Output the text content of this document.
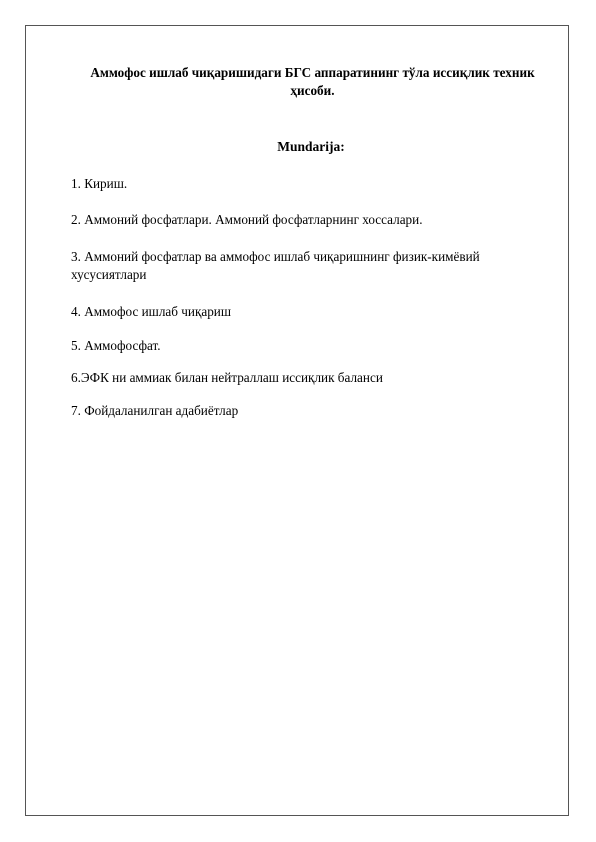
Аммофос ишлаб чиқаришидаги БГС аппаратининг тўла иссиқлик техник ҳисоби.
Mundarija:
1. Кириш.
2. Аммоний фосфатлари. Аммоний фосфатларнинг хоссалари.
3. Аммоний фосфатлар ва аммофос ишлаб чиқаришнинг физик-кимёвий хусусиятлари
4. Аммофос ишлаб чиқариш
5. Аммофосфат.
6.ЭФК ни аммиак билан нейтраллаш иссиқлик баланси
7. Фойдаланилган адабиётлар
